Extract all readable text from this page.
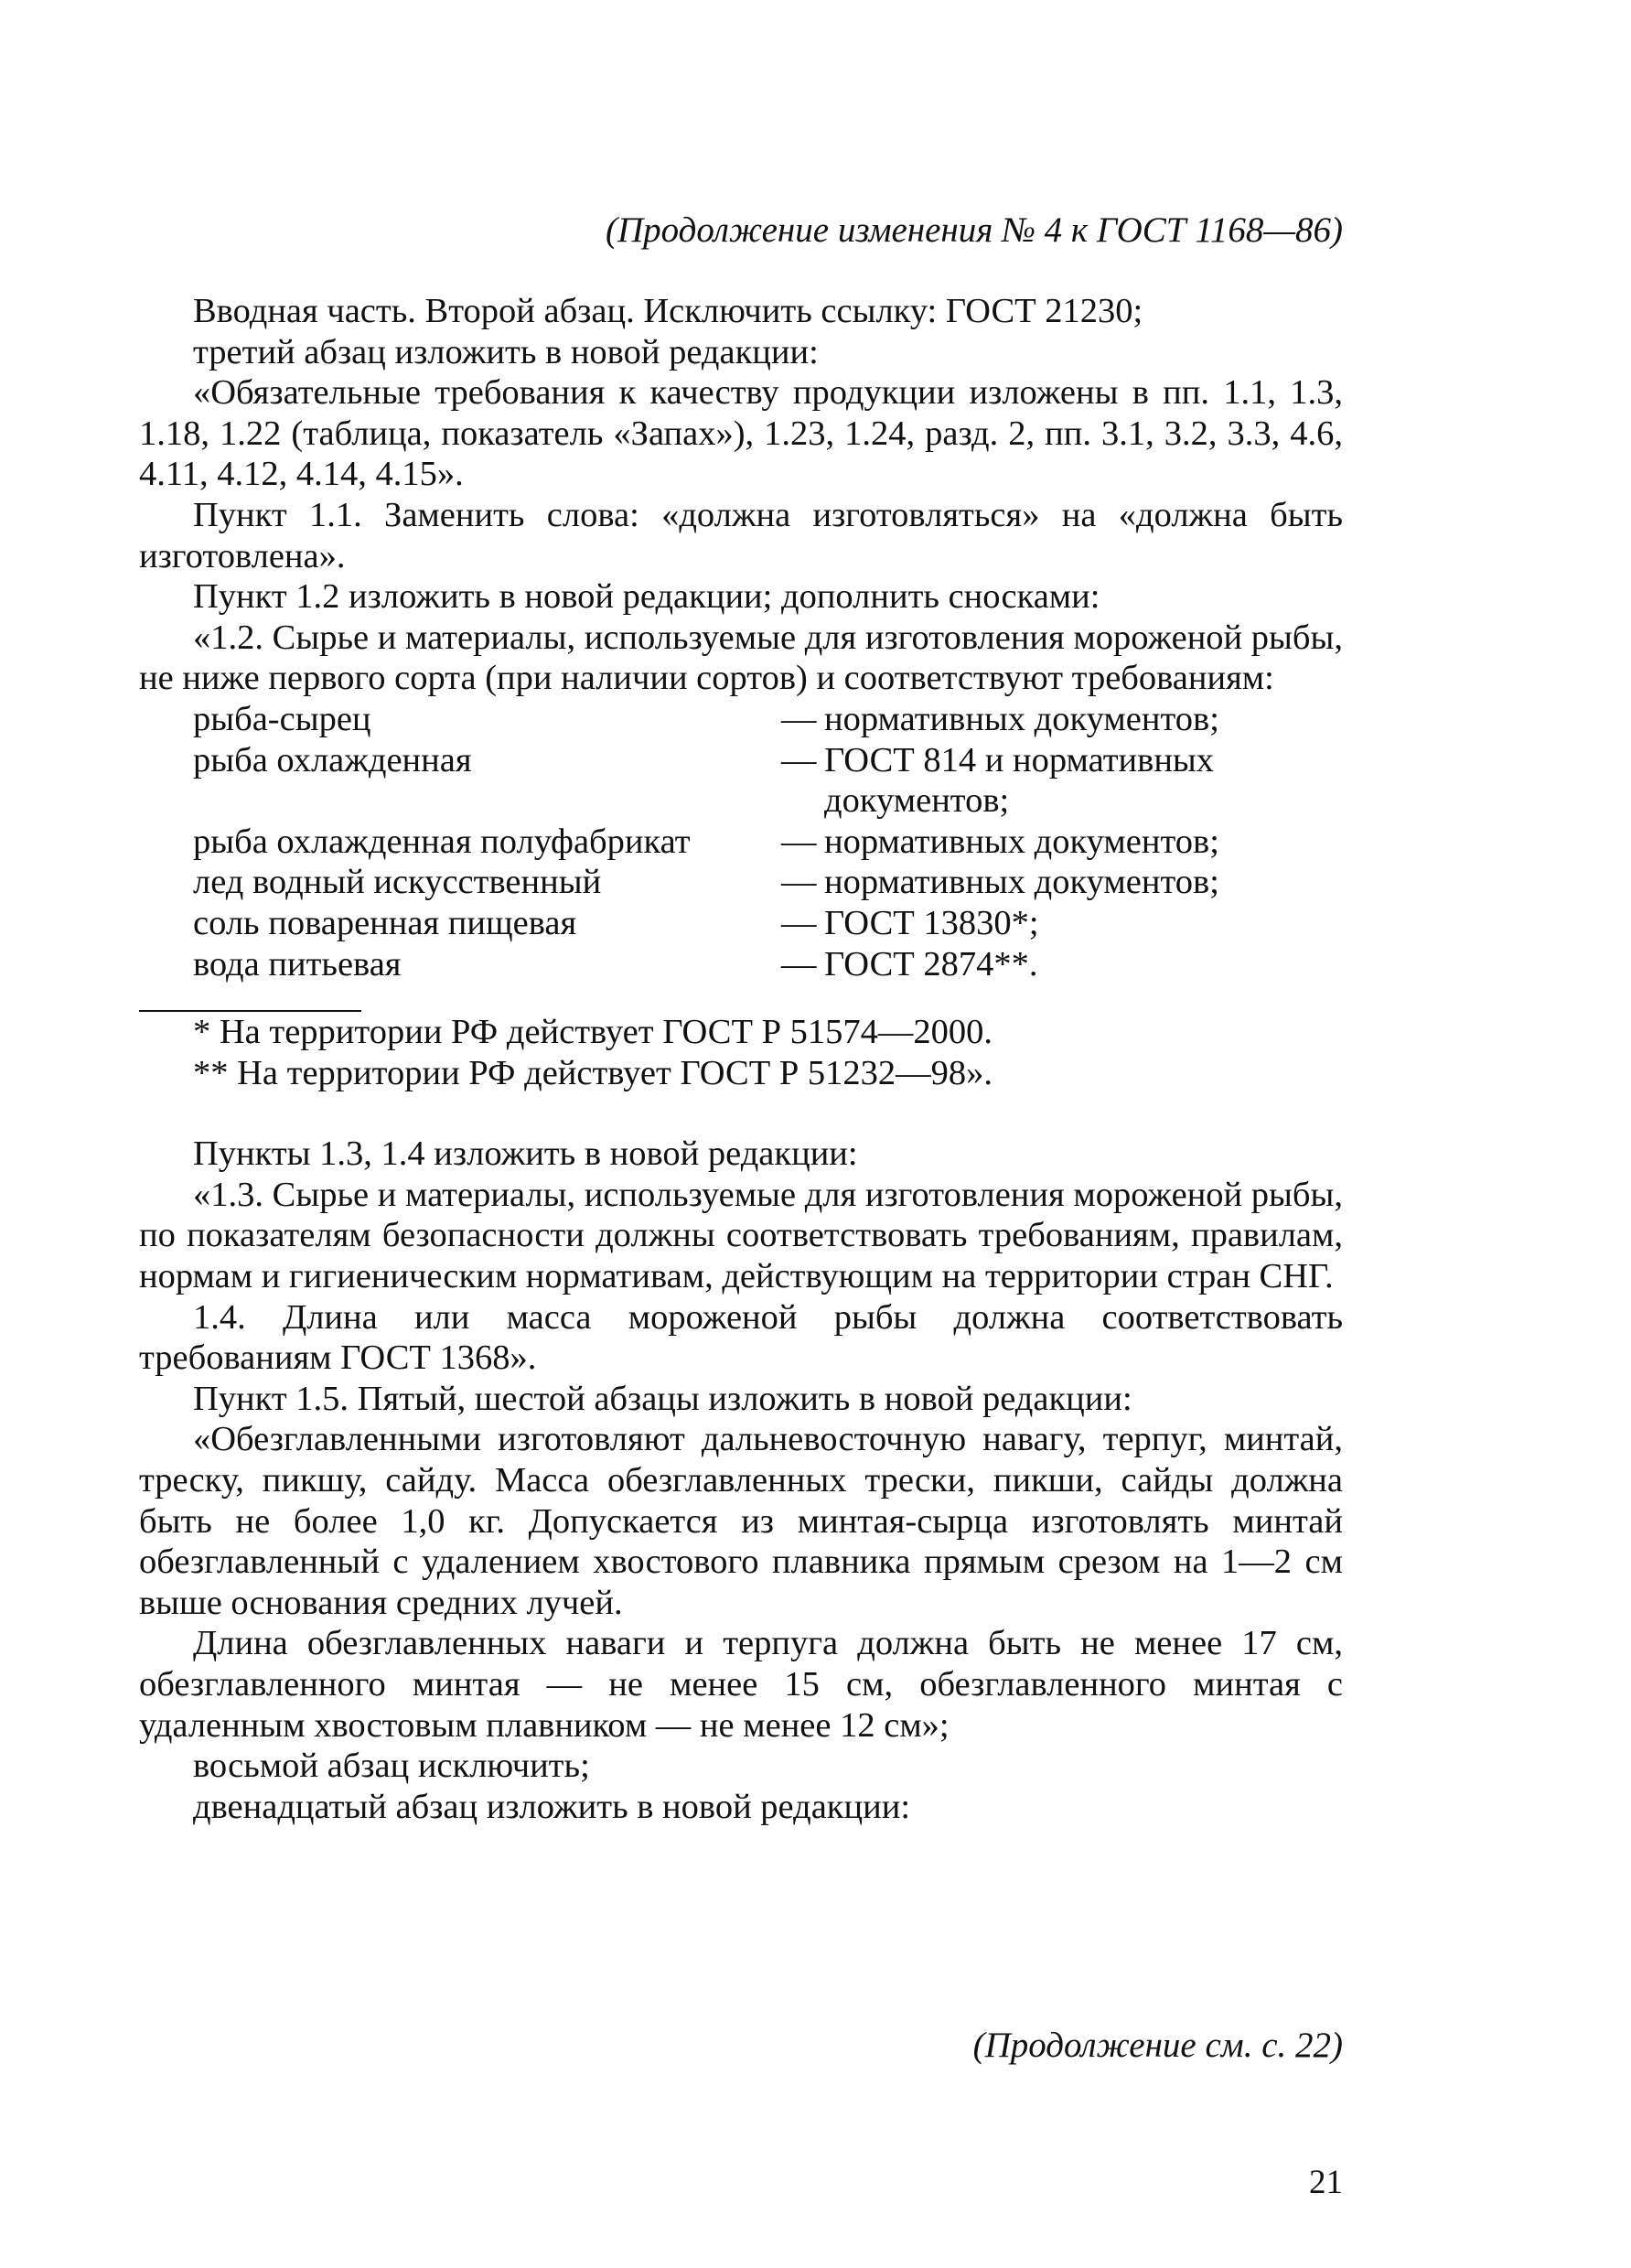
(Продолжение изменения № 4 к ГОСТ 1168—86)

Вводная часть. Второй абзац. Исключить ссылку: ГОСТ 21230;

третий абзац изложить в новой редакции:

«Обязательные требования к качеству продукции изложены в пп. 1.1, 1.3, 1.18, 1.22 (таблица, показатель «Запах»), 1.23, 1.24, разд. 2, пп. 3.1, 3.2, 3.3, 4.6, 4.11, 4.12, 4.14, 4.15».

Пункт 1.1. Заменить слова: «должна изготовляться» на «должна быть изготовлена».

Пункт 1.2 изложить в новой редакции; дополнить сносками:

«1.2. Сырье и материалы, используемые для изготовления мороженой рыбы, не ниже первого сорта (при наличии сортов) и соответствуют требованиям:

рыба-сырец	— нормативных документов;
рыба охлажденная	— ГОСТ 814 и нормативных документов;
рыба охлажденная полуфабрикат	— нормативных документов;
лед водный искусственный	— нормативных документов;
соль поваренная пищевая	— ГОСТ 13830*;
вода питьевая	— ГОСТ 2874**.

* На территории РФ действует ГОСТ Р 51574—2000.

** На территории РФ действует ГОСТ Р 51232—98».

Пункты 1.3, 1.4 изложить в новой редакции:

«1.3. Сырье и материалы, используемые для изготовления мороженой рыбы, по показателям безопасности должны соответствовать требованиям, правилам, нормам и гигиеническим нормативам, действующим на территории стран СНГ.

1.4. Длина или масса мороженой рыбы должна соответствовать требованиям ГОСТ 1368».

Пункт 1.5. Пятый, шестой абзацы изложить в новой редакции:

«Обезглавленными изготовляют дальневосточную навагу, терпуг, минтай, треску, пикшу, сайду. Масса обезглавленных трески, пикши, сайды должна быть не более 1,0 кг. Допускается из минтая-сырца изготовлять минтай обезглавленный с удалением хвостового плавника прямым срезом на 1—2 см выше основания средних лучей.

Длина обезглавленных наваги и терпуга должна быть не менее 17 см, обезглавленного минтая — не менее 15 см, обезглавленного минтая с удаленным хвостовым плавником — не менее 12 см»;

восьмой абзац исключить;

двенадцатый абзац изложить в новой редакции:

(Продолжение см. с. 22)
21
